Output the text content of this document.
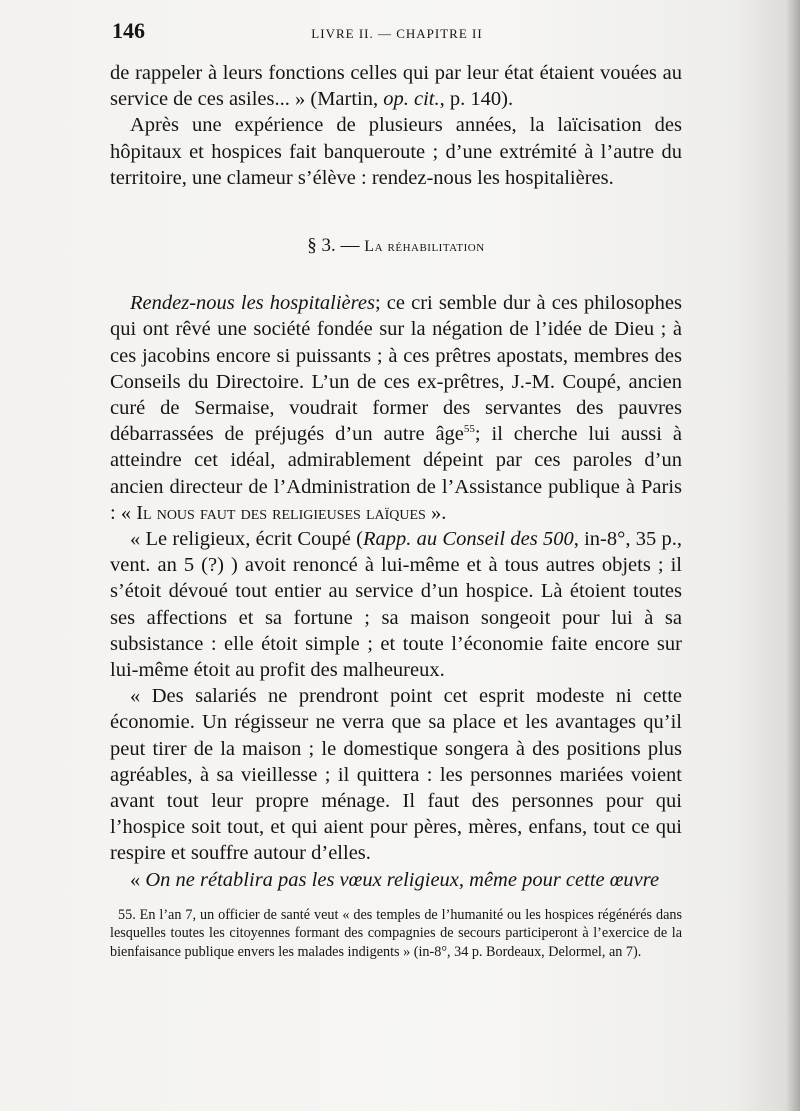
146	LIVRE II. — CHAPITRE II

de rappeler à leurs fonctions celles qui par leur état étaient vouées au service de ces asiles... » (Martin, op. cit., p. 140).

Après une expérience de plusieurs années, la laïcisation des hôpitaux et hospices fait banqueroute ; d’une extrémité à l’autre du territoire, une clameur s’élève : rendez-nous les hospitalières.

§ 3. — La réhabilitation

Rendez-nous les hospitalières; ce cri semble dur à ces philosophes qui ont rêvé une société fondée sur la négation de l’idée de Dieu ; à ces jacobins encore si puissants ; à ces prêtres apostats, membres des Conseils du Directoire. L’un de ces ex-prêtres, J.-M. Coupé, ancien curé de Sermaise, voudrait former des servantes des pauvres débarrassées de préjugés d’un autre âge$^{55}$; il cherche lui aussi à atteindre cet idéal, admirablement dépeint par ces paroles d’un ancien directeur de l’Administration de l’Assistance publique à Paris : « Il nous faut des religieuses laïques ».

« Le religieux, écrit Coupé (Rapp. au Conseil des 500, in-8°, 35 p., vent. an 5 (?) ) avoit renoncé à lui-même et à tous autres objets ; il s’étoit dévoué tout entier au service d’un hospice. Là étoient toutes ses affections et sa fortune ; sa maison songeoit pour lui à sa subsistance : elle étoit simple ; et toute l’économie faite encore sur lui-même étoit au profit des malheureux.

« Des salariés ne prendront point cet esprit modeste ni cette économie. Un régisseur ne verra que sa place et les avantages qu’il peut tirer de la maison ; le domestique songera à des positions plus agréables, à sa vieillesse ; il quittera : les personnes mariées voient avant tout leur propre ménage. Il faut des personnes pour qui l’hospice soit tout, et qui aient pour pères, mères, enfans, tout ce qui respire et souffre autour d’elles.

« On ne rétablira pas les vœux religieux, même pour cette œuvre

55. En l’an 7, un officier de santé veut « des temples de l’humanité ou les hospices régénérés dans lesquelles toutes les citoyennes formant des compagnies de secours participeront à l’exercice de la bienfaisance publique envers les malades indigents » (in-8°, 34 p. Bordeaux, Delormel, an 7).
